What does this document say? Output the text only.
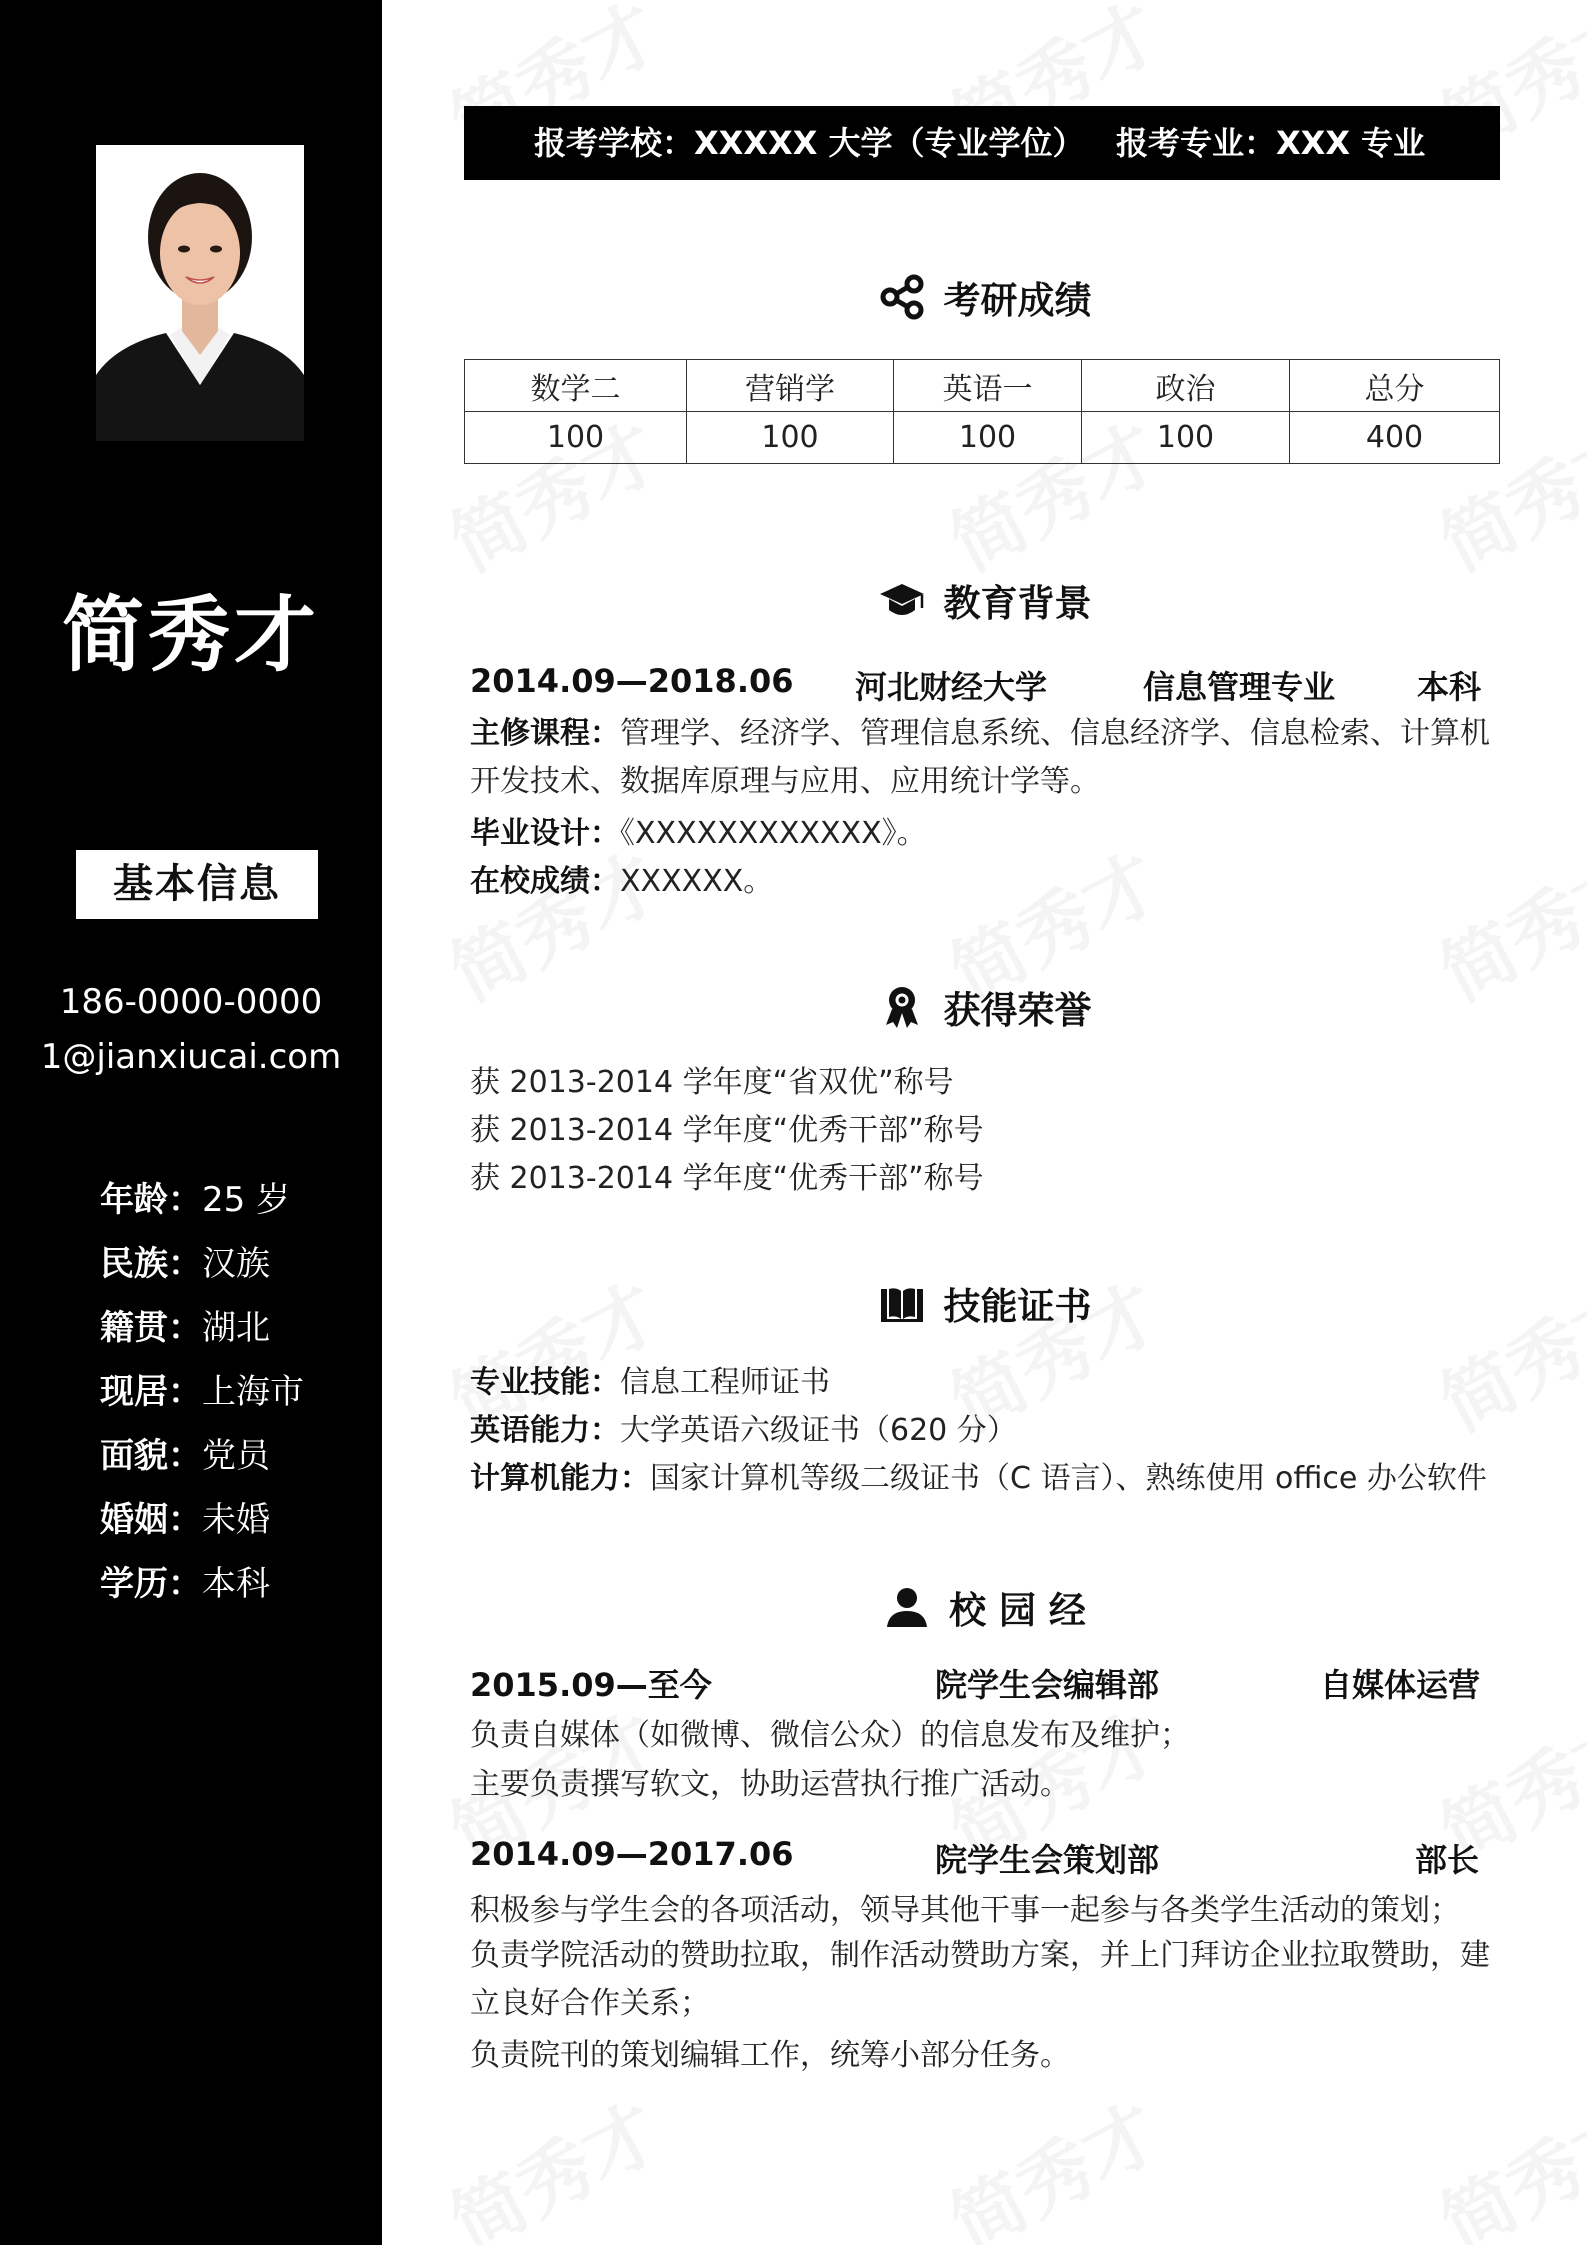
简秀才
基本信息
186-0000-0000
1@jianxiucai.com
年龄：25 岁
民族：汉族
籍贯：湖北
现居：上海市
面貌：党员
婚姻：未婚
学历：本科
报考学校：XXXXX 大学（专业学位） 报考专业：XXX 专业
考研成绩
数学二	营销学	英语一	政治	总分
100	100	100	100	400
教育背景
2014.09—2018.06 河北财经大学	信息管理专业	本科
主修课程：管理学、经济学、管理信息系统、信息经济学、信息检索、计算机开发技术、数据库原理与应用、应用统计学等。
毕业设计：《XXXXXXXXXXXX》。
在校成绩：XXXXXX。
获得荣誉
获 2013-2014 学年度“省双优”称号
获 2013-2014 学年度“优秀干部”称号
获 2013-2014 学年度“优秀干部”称号
技能证书
专业技能：信息工程师证书
英语能力：大学英语六级证书（620 分）
计算机能力：国家计算机等级二级证书（C 语言）、熟练使用 office 办公软件
校 园 经
2015.09—至今	院学生会编辑部	自媒体运营
负责自媒体（如微博、微信公众）的信息发布及维护；
主要负责撰写软文，协助运营执行推广活动。
2014.09—2017.06	院学生会策划部	部长
积极参与学生会的各项活动，领导其他干事一起参与各类学生活动的策划；
负责学院活动的赞助拉取，制作活动赞助方案，并上门拜访企业拉取赞助，建立良好合作关系；
负责院刊的策划编辑工作，统筹小部分任务。
